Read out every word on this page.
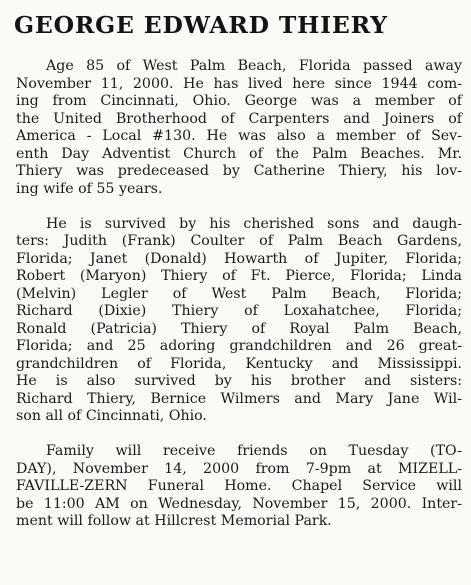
GEORGE EDWARD THIERY

Age 85 of West Palm Beach, Florida passed away
November 11, 2000. He has lived here since 1944 com-
ing from Cincinnati, Ohio. George was a member of
the United Brotherhood of Carpenters and Joiners of
America - Local #130. He was also a member of Sev-
enth Day Adventist Church of the Palm Beaches. Mr.
Thiery was predeceased by Catherine Thiery, his lov-
ing wife of 55 years.

He is survived by his cherished sons and daugh-
ters: Judith (Frank) Coulter of Palm Beach Gardens,
Florida; Janet (Donald) Howarth of Jupiter, Florida;
Robert (Maryon) Thiery of Ft. Pierce, Florida; Linda
(Melvin) Legler of West Palm Beach, Florida;
Richard (Dixie) Thiery of Loxahatchee, Florida;
Ronald (Patricia) Thiery of Royal Palm Beach,
Florida; and 25 adoring grandchildren and 26 great-
grandchildren of Florida, Kentucky and Mississippi.
He is also survived by his brother and sisters:
Richard Thiery, Bernice Wilmers and Mary Jane Wil-
son all of Cincinnati, Ohio.

Family will receive friends on Tuesday (TO-
DAY), November 14, 2000 from 7-9pm at MIZELL-
FAVILLE-ZERN Funeral Home. Chapel Service will
be 11:00 AM on Wednesday, November 15, 2000. Inter-
ment will follow at Hillcrest Memorial Park.
